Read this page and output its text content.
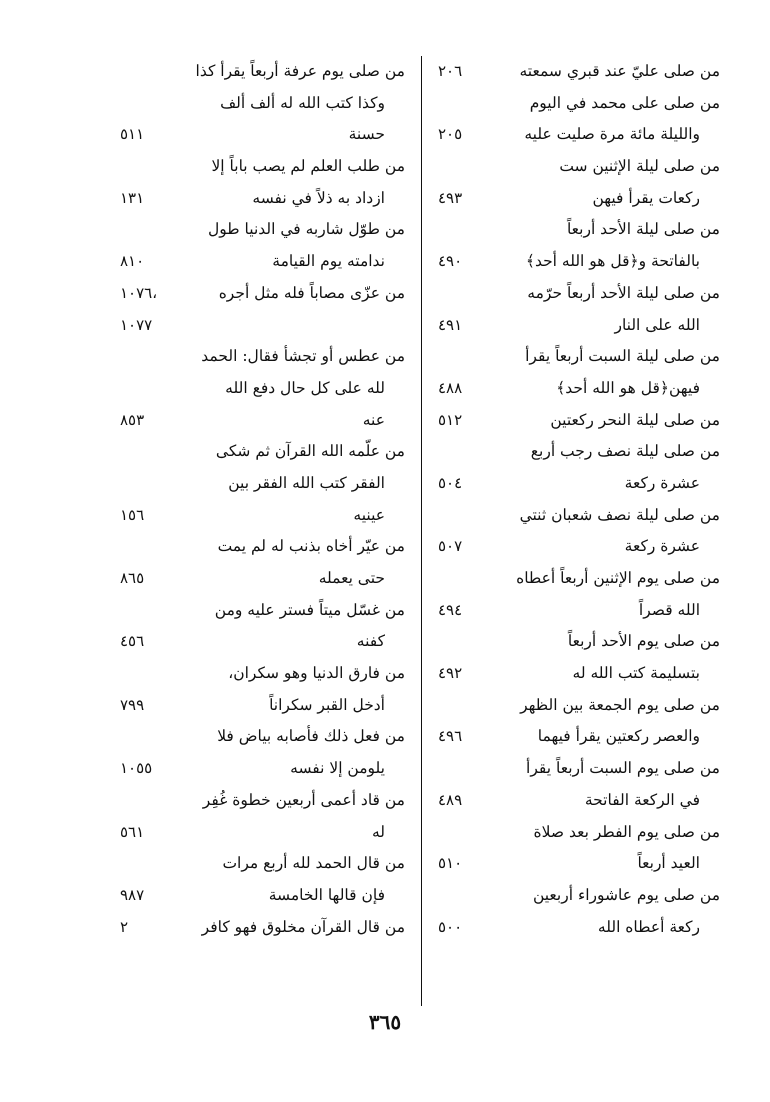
من صلى عليّ عند قبري سمعته
٢٠٦
من صلى على محمد في اليوم
والليلة مائة مرة صليت عليه
٢٠٥
من صلى ليلة الإثنين ست
ركعات يقرأ فيهن
٤٩٣
من صلى ليلة الأحد أربعاً
بالفاتحة و﴿قل هو الله أحد﴾
٤٩٠
من صلى ليلة الأحد أربعاً حرّمه
الله على النار
٤٩١
من صلى ليلة السبت أربعاً يقرأ
فيهن﴿قل هو الله أحد﴾
٤٨٨
من صلى ليلة النحر ركعتين
٥١٢
من صلى ليلة نصف رجب أربع
عشرة ركعة
٥٠٤
من صلى ليلة نصف شعبان ثنتي
عشرة ركعة
٥٠٧
من صلى يوم الإثنين أربعاً أعطاه
الله قصراً
٤٩٤
من صلى يوم الأحد أربعاً
بتسليمة كتب الله له
٤٩٢
من صلى يوم الجمعة بين الظهر
والعصر ركعتين يقرأ فيهما
٤٩٦
من صلى يوم السبت أربعاً يقرأ
في الركعة الفاتحة
٤٨٩
من صلى يوم الفطر بعد صلاة
العيد أربعاً
٥١٠
من صلى يوم عاشوراء أربعين
ركعة أعطاه الله
٥٠٠
من صلى يوم عرفة أربعاً يقرأ كذا
وكذا كتب الله له ألف ألف
حسنة
٥١١
من طلب العلم لم يصب باباً إلا
ازداد به ذلاً في نفسه
١٣١
من طوّل شاربه في الدنيا طول
ندامته يوم القيامة
٨١٠
من عزّى مصاباً فله مثل أجره
١٠٧٦،
١٠٧٧
من عطس أو تجشأ فقال: الحمد
لله على كل حال دفع الله
عنه
٨٥٣
من علّمه الله القرآن ثم شكى
الفقر كتب الله الفقر بين
عينيه
١٥٦
من عيّر أخاه بذنب له لم يمت
حتى يعمله
٨٦٥
من غسّل ميتاً فستر عليه ومن
كفنه
٤٥٦
من فارق الدنيا وهو سكران،
أدخل القبر سكراناً
٧٩٩
من فعل ذلك فأصابه بياض فلا
يلومن إلا نفسه
١٠٥٥
من قاد أعمى أربعين خطوة غُفِر
له
٥٦١
من قال الحمد لله أربع مرات
فإن قالها الخامسة
٩٨٧
من قال القرآن مخلوق فهو كافر
٢
٣٦٥
